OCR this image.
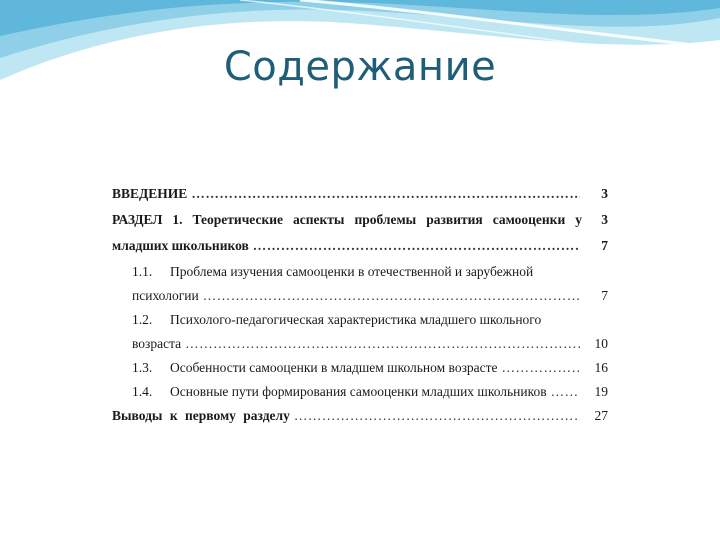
Содержание
ВВЕДЕНИЕ ……………………………………………………………………………………………………………………………	3
РАЗДЕЛ 1. Теоретические аспекты проблемы развития самооценки у	3
младших школьников ……………………………………………………………………………………………………………………………	7
1.1.	Проблема изучения самооценки в отечественной и зарубежной
психологии ……………………………………………………………………………………………………………………………	7
1.2.	Психолого-педагогическая характеристика младшего школьного
возраста ……………………………………………………………………………………………………………………………	10
1.3.	Особенности самооценки в младшем школьном возрасте ……………………………………………………………………………………………………………………………	16
1.4.	Основные пути формирования самооценки младших школьников ……………………………………………………………………………………………………………………………	19
Выводы к первому разделу ……………………………………………………………………………………………………………………………	27
